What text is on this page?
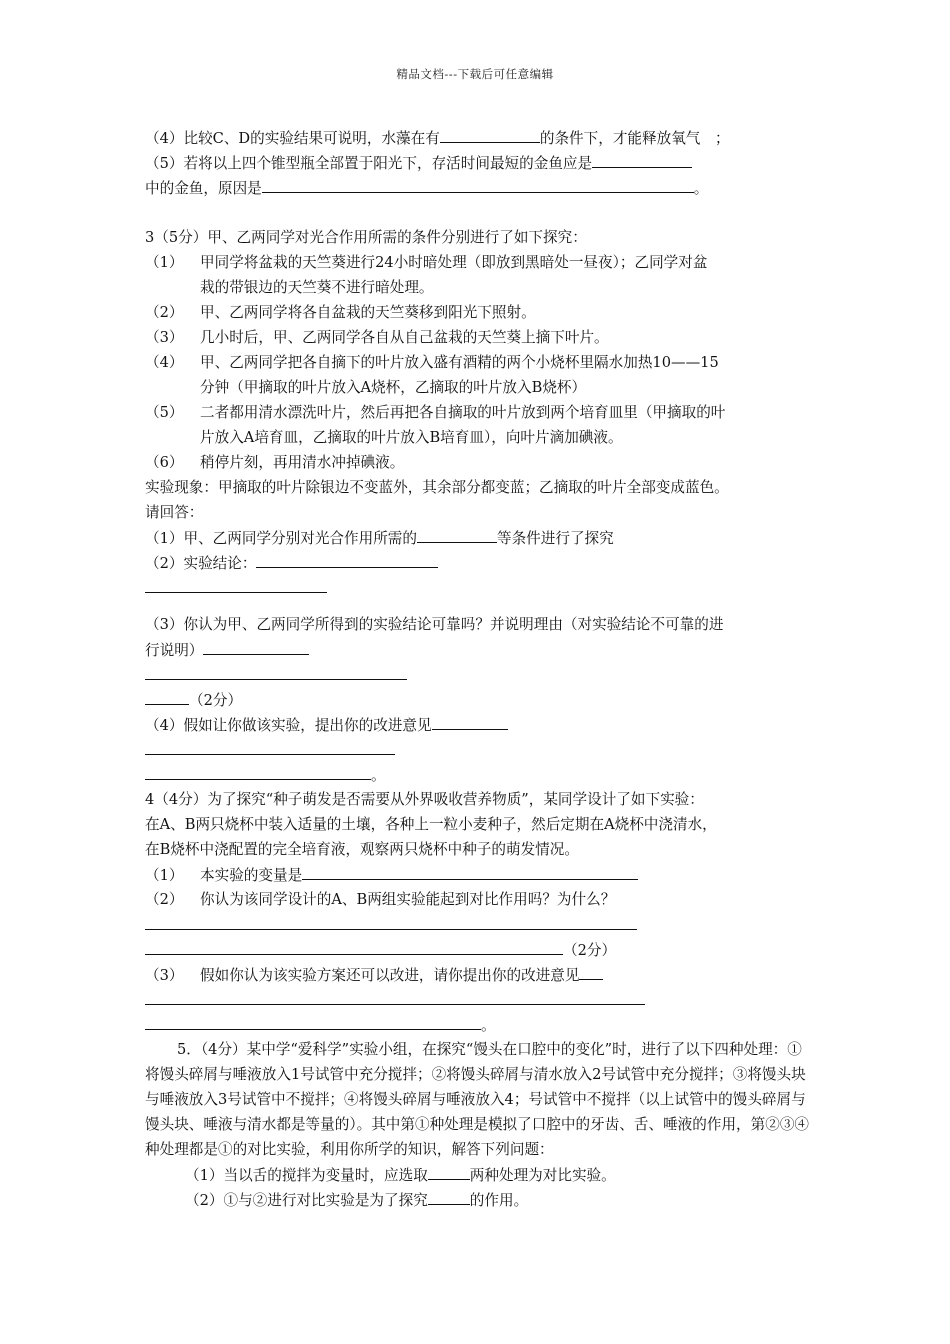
精品文档---下载后可任意编辑
（4）比较C、D的实验结果可说明，水藻在有	的条件下，才能释放氧气　；
（5）若将以上四个锥型瓶全部置于阳光下，存活时间最短的金鱼应是
中的金鱼，原因是	。
3（5分）甲、乙两同学对光合作用所需的条件分别进行了如下探究：
（1） 甲同学将盆栽的天竺葵进行24小时暗处理（即放到黑暗处一昼夜）；乙同学对盆
栽的带银边的天竺葵不进行暗处理。
（2） 甲、乙两同学将各自盆栽的天竺葵移到阳光下照射。
（3） 几小时后，甲、乙两同学各自从自己盆栽的天竺葵上摘下叶片。
（4） 甲、乙两同学把各自摘下的叶片放入盛有酒精的两个小烧杯里隔水加热10——15
分钟（甲摘取的叶片放入A烧杯，乙摘取的叶片放入B烧杯）
（5） 二者都用清水漂洗叶片，然后再把各自摘取的叶片放到两个培育皿里（甲摘取的叶
片放入A培育皿，乙摘取的叶片放入B培育皿），向叶片滴加碘液。
（6） 稍停片刻，再用清水冲掉碘液。
实验现象：甲摘取的叶片除银边不变蓝外，其余部分都变蓝；乙摘取的叶片全部变成蓝色。
请回答：
（1）甲、乙两同学分别对光合作用所需的	等条件进行了探究
（2）实验结论：
（3）你认为甲、乙两同学所得到的实验结论可靠吗？并说明理由（对实验结论不可靠的进
行说明）
（2分）
（4）假如让你做该实验，提出你的改进意见
。
4（4分）为了探究“种子萌发是否需要从外界吸收营养物质”，某同学设计了如下实验：
在A、B两只烧杯中装入适量的土壤，各种上一粒小麦种子，然后定期在A烧杯中浇清水，
在B烧杯中浇配置的完全培育液，观察两只烧杯中种子的萌发情况。
（1） 本实验的变量是
（2） 你认为该同学设计的A、B两组实验能起到对比作用吗？为什么？
（2分）
（3） 假如你认为该实验方案还可以改进，请你提出你的改进意见
。
5．（4分）某中学“爱科学”实验小组，在探究“馒头在口腔中的变化”时，进行了以下四种处理：①将馒头碎屑与唾液放入1号试管中充分搅拌；②将馒头碎屑与清水放入2号试管中充分搅拌；③将馒头块与唾液放入3号试管中不搅拌；④将馒头碎屑与唾液放入4；号试管中不搅拌（以上试管中的馒头碎屑与馒头块、唾液与清水都是等量的）。其中第①种处理是模拟了口腔中的牙齿、舌、唾液的作用，第②③④种处理都是①的对比实验，利用你所学的知识，解答下列问题：
（1）当以舌的搅拌为变量时，应选取	两种处理为对比实验。
（2）①与②进行对比实验是为了探究	的作用。
